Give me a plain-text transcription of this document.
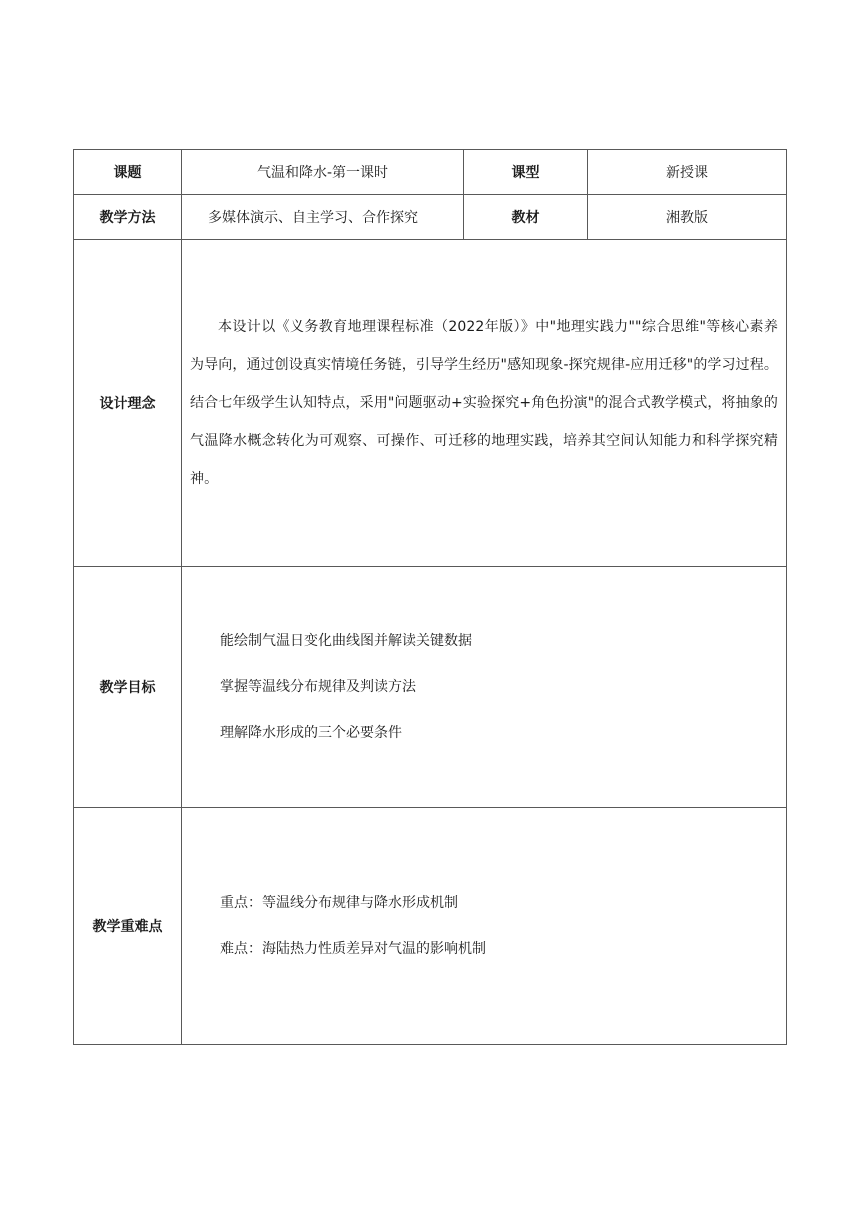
课题	气温和降水-第一课时	课型	新授课
教学方法	多媒体演示、自主学习、合作探究	教材	湘教版
设计理念	本设计以《义务教育地理课程标准（2022年版）》中"地理实践力""综合思维"等核心素养为导向，通过创设真实情境任务链，引导学生经历"感知现象-探究规律-应用迁移"的学习过程。结合七年级学生认知特点，采用"问题驱动+实验探究+角色扮演"的混合式教学模式，将抽象的气温降水概念转化为可观察、可操作、可迁移的地理实践，培养其空间认知能力和科学探究精神。		

教学目标	能绘制气温日变化曲线图并解读关键数据
掌握等温线分布规律及判读方法
理解降水形成的三个必要条件		

教学重难点	重点：等温线分布规律与降水形成机制
难点：海陆热力性质差异对气温的影响机制		
